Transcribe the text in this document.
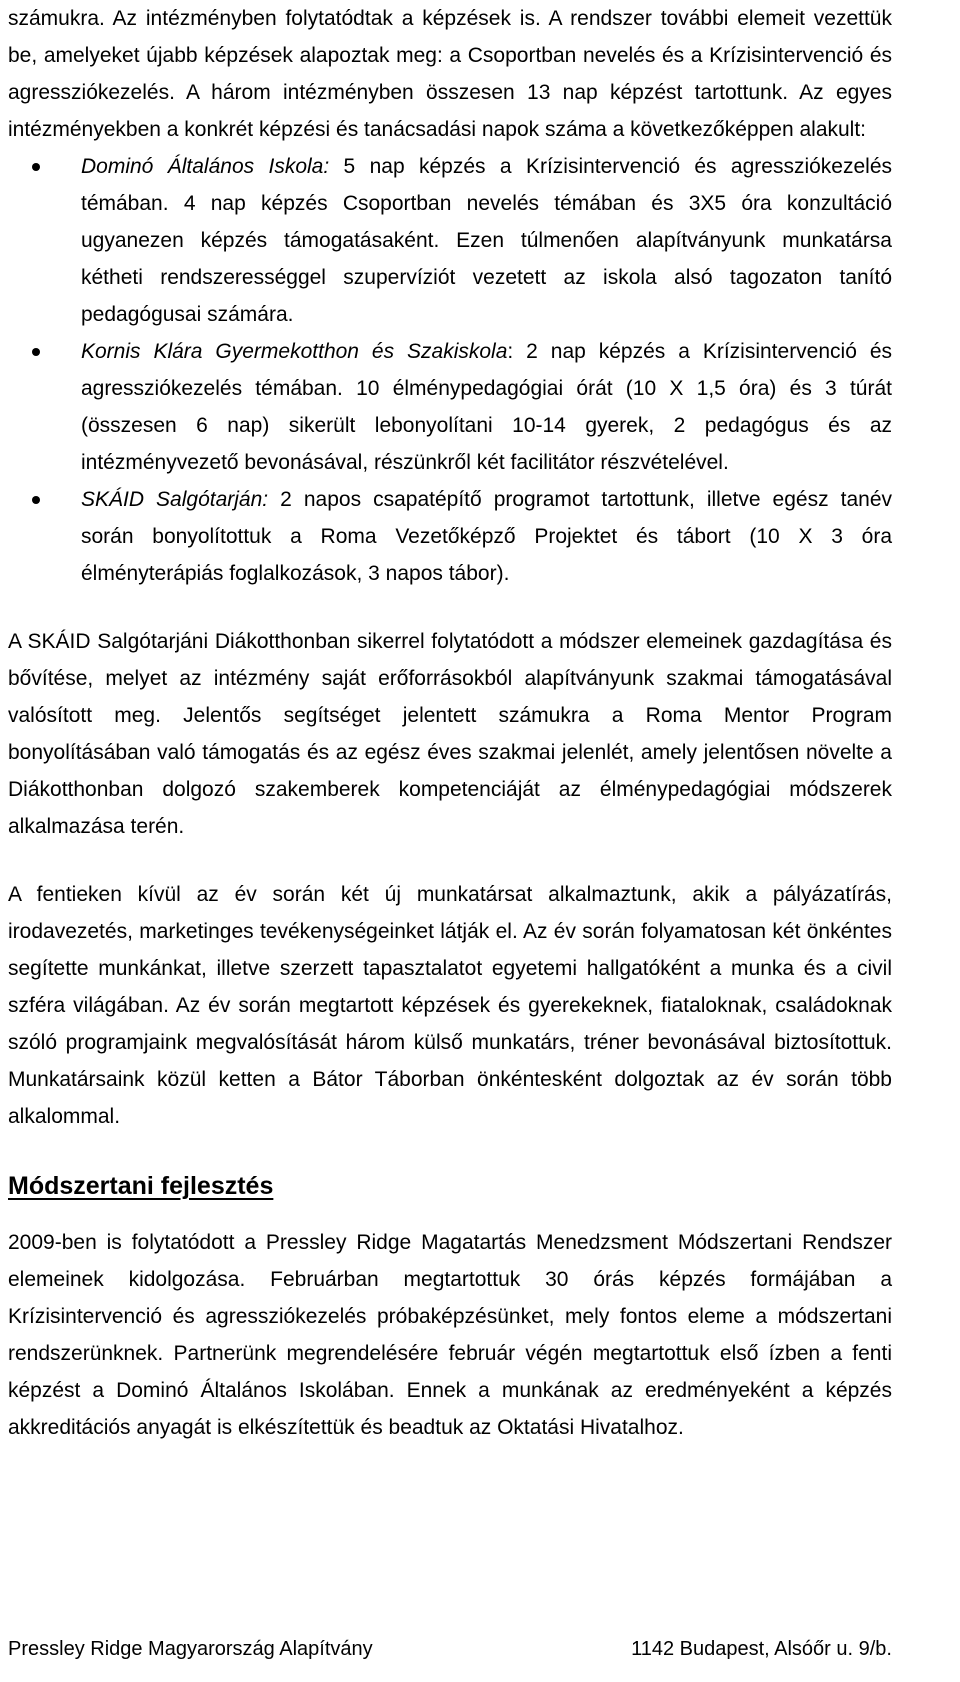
számukra. Az intézményben folytatódtak a képzések is. A rendszer további elemeit vezettük be, amelyeket újabb képzések alapoztak meg: a Csoportban nevelés és a Krízisintervenció és agressziókezelés. A három intézményben összesen 13 nap képzést tartottunk. Az egyes intézményekben a konkrét képzési és tanácsadási napok száma a következőképpen alakult:

Dominó Általános Iskola: 5 nap képzés a Krízisintervenció és agressziókezelés témában. 4 nap képzés Csoportban nevelés témában és 3X5 óra konzultáció ugyanezen képzés támogatásaként. Ezen túlmenően alapítványunk munkatársa kétheti rendszerességgel szupervíziót vezetett az iskola alsó tagozaton tanító pedagógusai számára.
Kornis Klára Gyermekotthon és Szakiskola: 2 nap képzés a Krízisintervenció és agressziókezelés témában. 10 élménypedagógiai órát (10 X 1,5 óra) és 3 túrát (összesen 6 nap) sikerült lebonyolítani 10-14 gyerek, 2 pedagógus és az intézményvezető bevonásával, részünkről két facilitátor részvételével.
SKÁID Salgótarján: 2 napos csapatépítő programot tartottunk, illetve egész tanév során bonyolítottuk a Roma Vezetőképző Projektet és tábort (10 X 3 óra élményterápiás foglalkozások, 3 napos tábor).

A SKÁID Salgótarjáni Diákotthonban sikerrel folytatódott a módszer elemeinek gazdagítása és bővítése, melyet az intézmény saját erőforrásokból alapítványunk szakmai támogatásával valósított meg. Jelentős segítséget jelentett számukra a Roma Mentor Program bonyolításában való támogatás és az egész éves szakmai jelenlét, amely jelentősen növelte a Diákotthonban dolgozó szakemberek kompetenciáját az élménypedagógiai módszerek alkalmazása terén.

A fentieken kívül az év során két új munkatársat alkalmaztunk, akik a pályázatírás, irodavezetés, marketinges tevékenységeinket látják el. Az év során folyamatosan két önkéntes segítette munkánkat, illetve szerzett tapasztalatot egyetemi hallgatóként a munka és a civil szféra világában. Az év során megtartott képzések és gyerekeknek, fiataloknak, családoknak szóló programjaink megvalósítását három külső munkatárs, tréner bevonásával biztosítottuk. Munkatársaink közül ketten a Bátor Táborban önkéntesként dolgoztak az év során több alkalommal.

Módszertani fejlesztés

2009-ben is folytatódott a Pressley Ridge Magatartás Menedzsment Módszertani Rendszer elemeinek kidolgozása. Februárban megtartottuk 30 órás képzés formájában a Krízisintervenció és agressziókezelés próbaképzésünket, mely fontos eleme a módszertani rendszerünknek. Partnerünk megrendelésére február végén megtartottuk első ízben a fenti képzést a Dominó Általános Iskolában. Ennek a munkának az eredményeként a képzés akkreditációs anyagát is elkészítettük és beadtuk az Oktatási Hivatalhoz.

Pressley Ridge Magyarország Alapítvány	1142 Budapest, Alsóőr u. 9/b.
